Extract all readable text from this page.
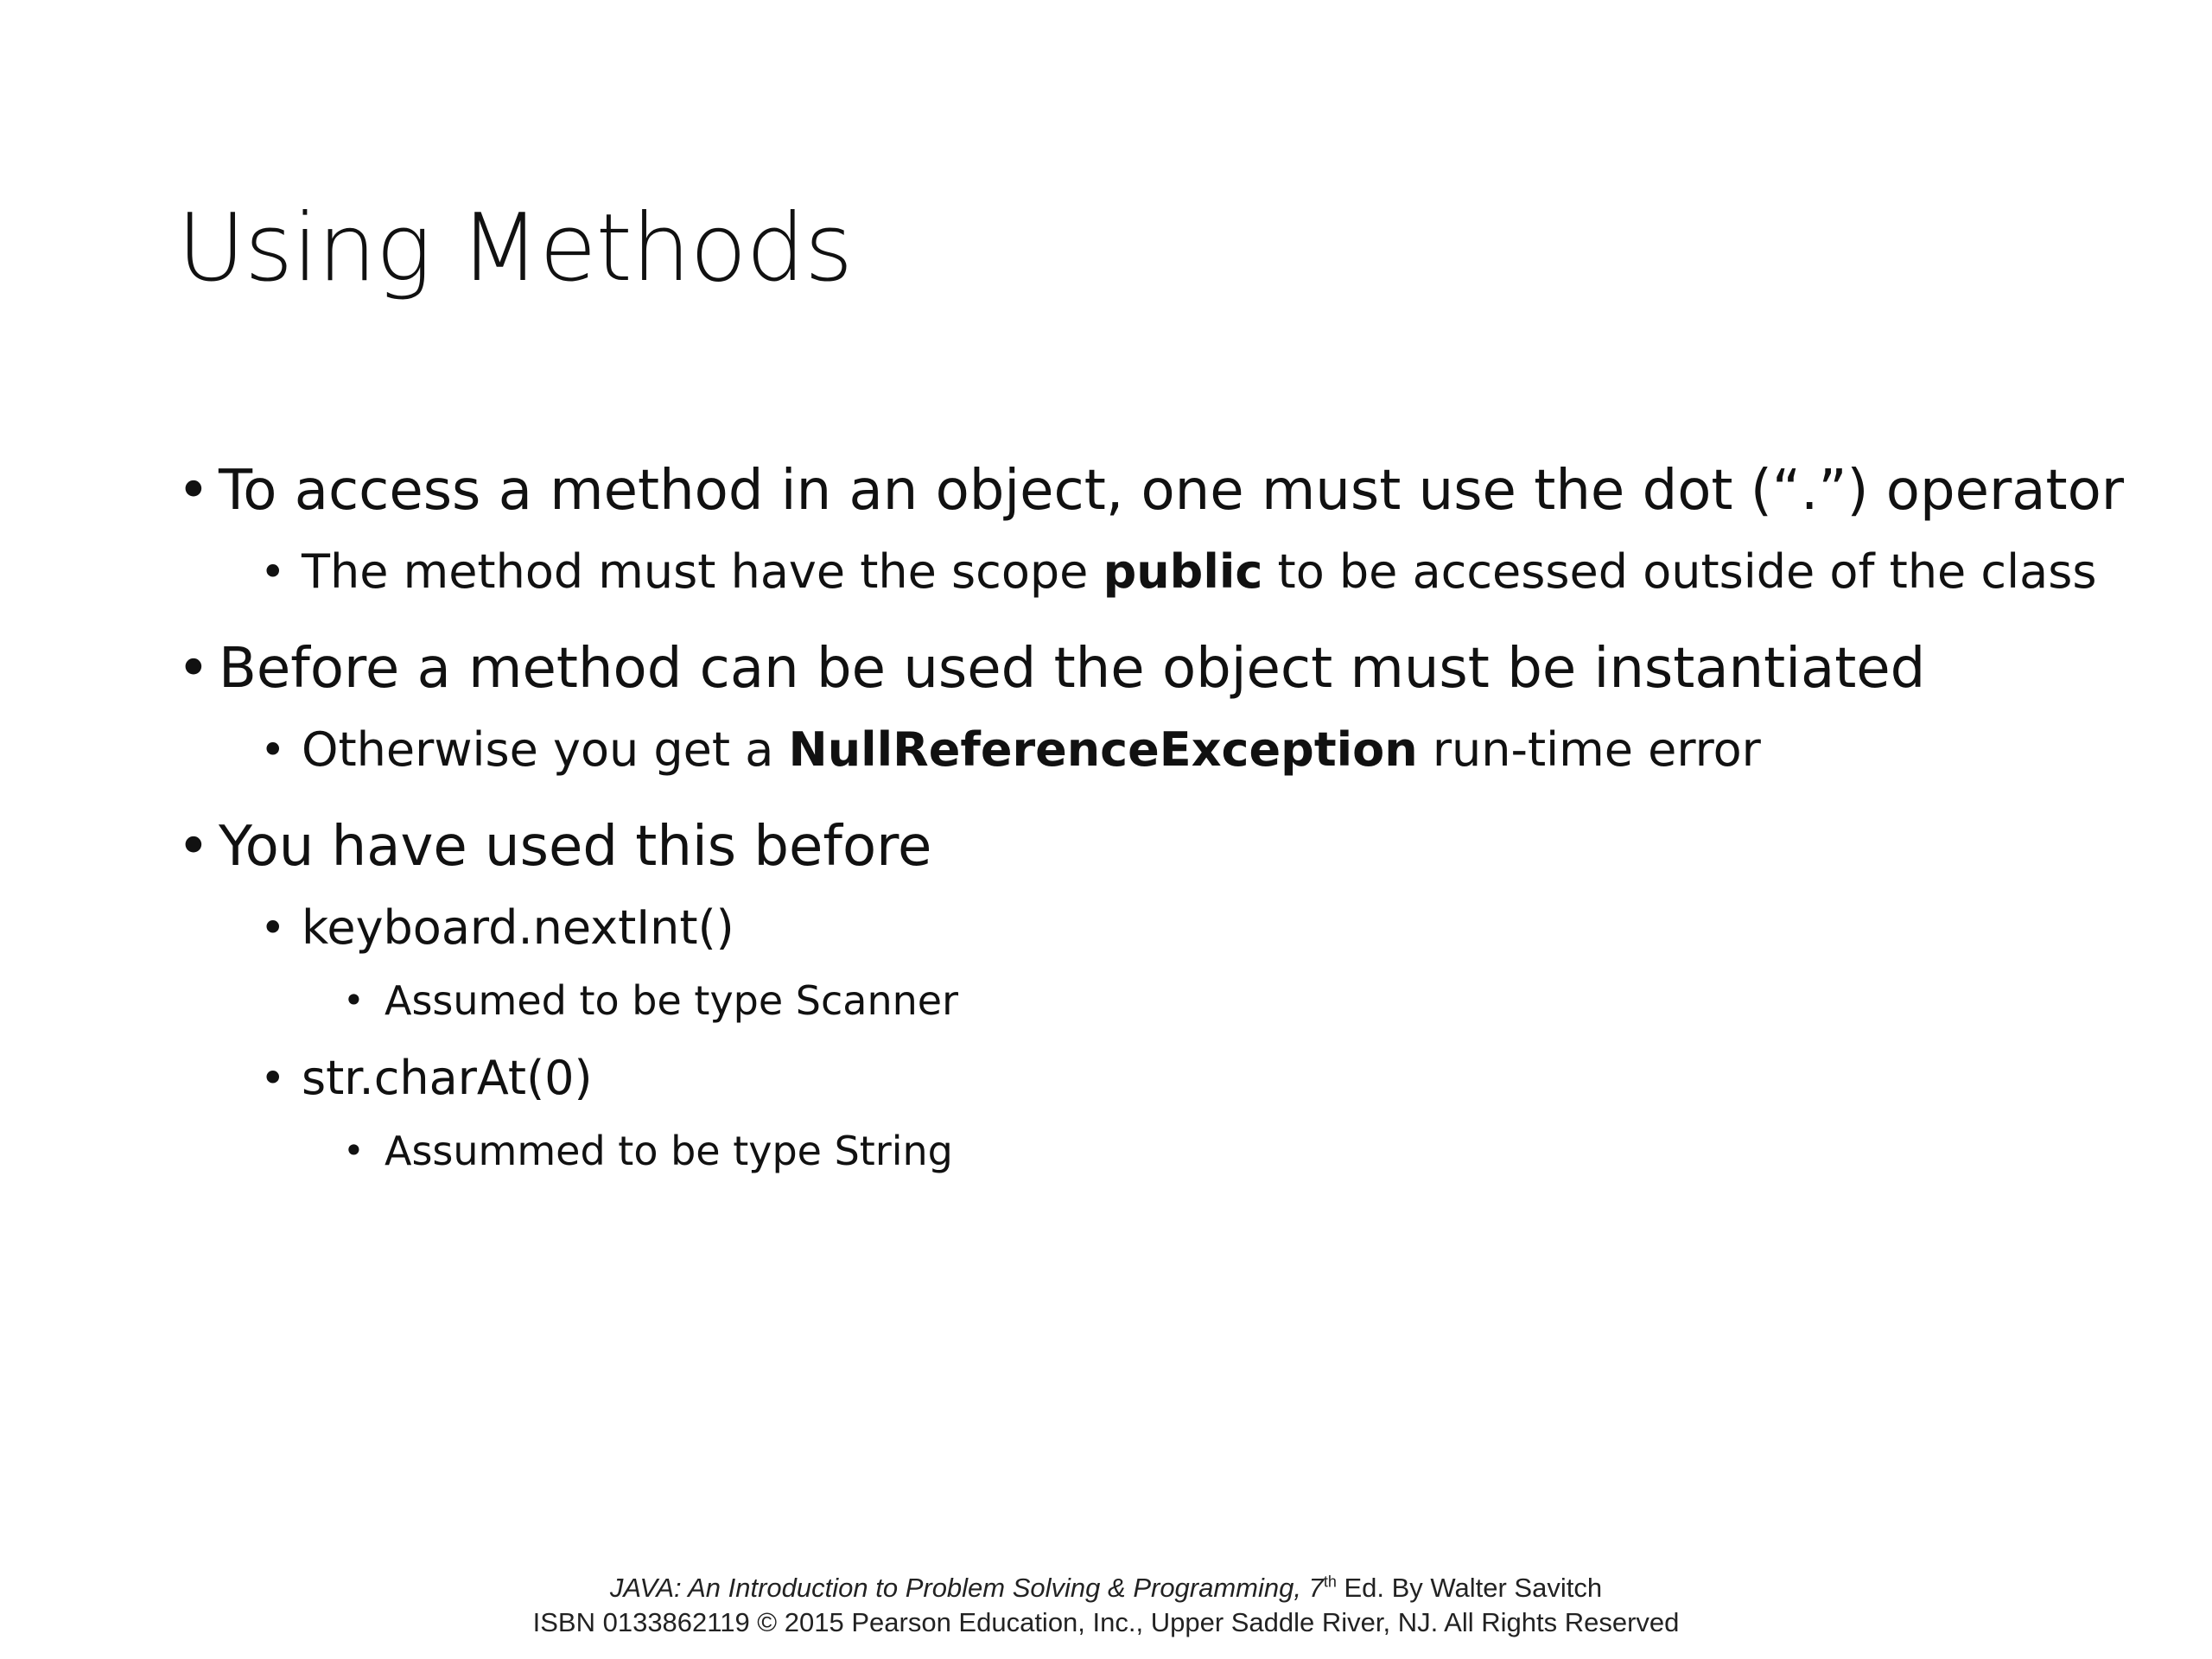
Using Methods
• To access a method in an object, one must use the dot (“.”) operator
• The method must have the scope public to be accessed outside of the class
• Before a method can be used the object must be instantiated
• Otherwise you get a NullReferenceException run-time error
• You have used this before
• keyboard.nextInt()
• Assumed to be type Scanner
• str.charAt(0)
• Assummed to be type String
JAVA: An Introduction to Problem Solving & Programming, 7th Ed. By Walter Savitch
ISBN 0133862119 © 2015 Pearson Education, Inc., Upper Saddle River, NJ. All Rights Reserved
